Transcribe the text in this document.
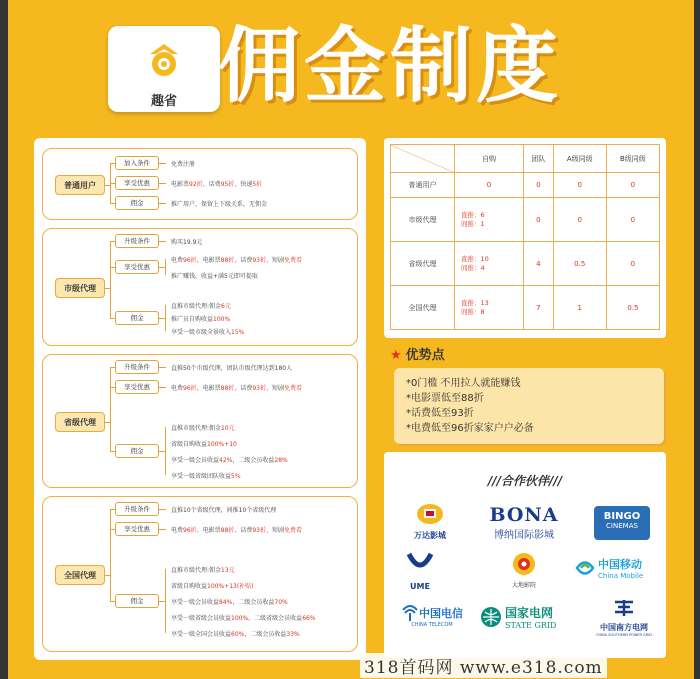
趣省 佣金制度
普通用户
加入条件	免费注册
享受优惠	电影票92折、话费95折、快递5折
佣金	推广用户，保留上下级关系，无佣金
市级代理
升级条件	购买19.9元
享受优惠
电费96折、电影票88折、话费93折、短剧免费看
推广赚钱，收益+满5元即可提取
佣金
直推市级代理:佣金6元
推广员自购收益100%
享受一级市级全景收入15%
省级代理
升级条件	直推50个市级代理，团队市级代理达到180人
享受优惠	电费96折、电影票88折、话费93折、短剧免费看
佣金
直推市级代理:佣金10元
省级自购收益100%+10
享受一级会员收益42%，二级会员收益28%
享受一级省级团队收益5%
全国代理
升级条件	直推10个省级代理，间推10个省级代理
享受优惠	电费96折、电影票88折、话费93折、短剧免费看
佣金
直推市级代理:佣金13元
省级自购收益100%+13(补贴)
享受一级会员收益84%，二级会员收益70%
享受一级省级会员收益100%，二级省级会员收益66%
享受一级全国会员收益60%，二级会员收益33%
	自购	团队	A级同级	B级同级
普通用户	0	0	0	0
市级代理	直推：6
间推：1	0	0	0
省级代理	直推：10
间推：4	4	0.5	0
全国代理	直推：13
间推：8	7	1	0.5
★ 优势点
*0门槛 不用拉人就能赚钱
*电影票低至88折
*话费低至93折
*电费低至96折家家户户必备
///合作伙伴///
万达影城
BONA
博纳国际影城
BINGO
CINEMAS
UME	大地影院
中国移动
China Mobile
中国电信
CHINA TELECOM
国家电网
STATE GRID	中国南方电网
CHINA SOUTHERN POWER GRID
318首码网 www.e318.com
